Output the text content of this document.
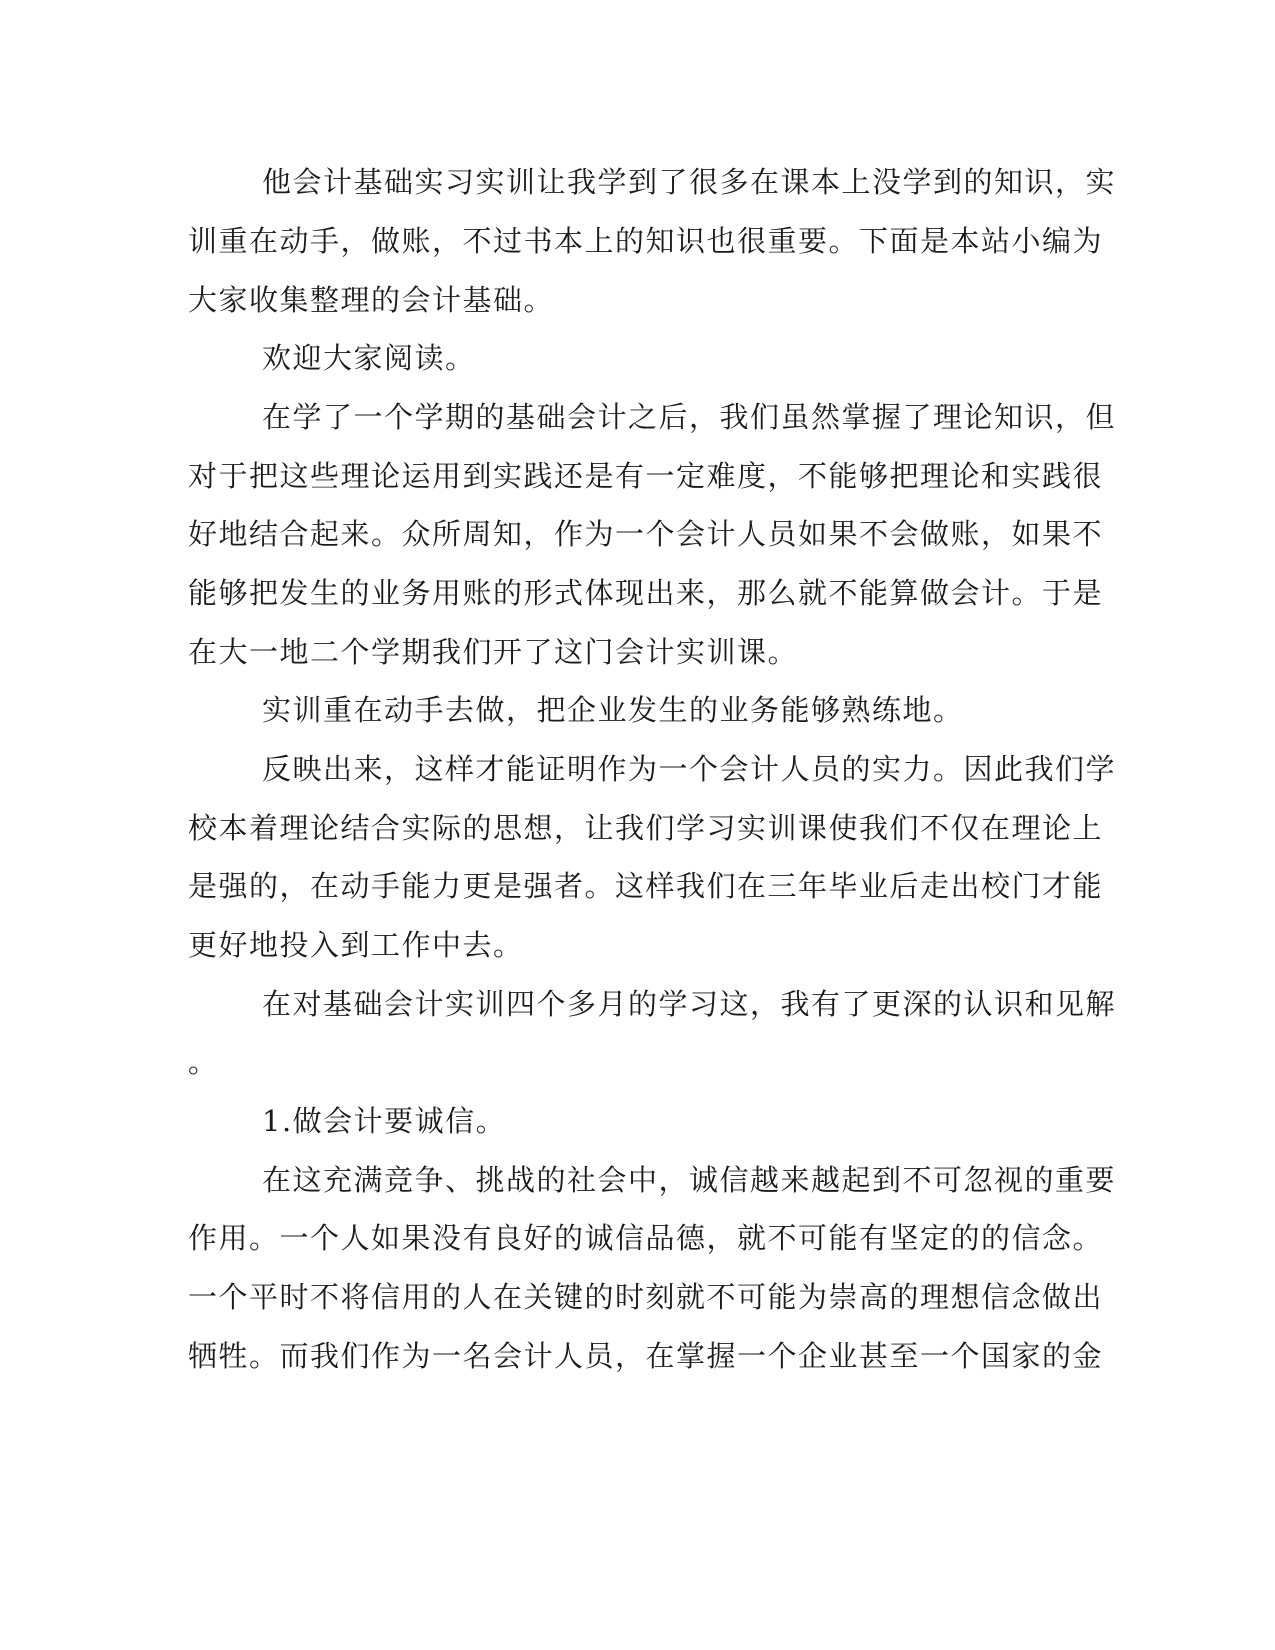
他会计基础实习实训让我学到了很多在课本上没学到的知识，实
训重在动手，做账，不过书本上的知识也很重要。下面是本站小编为
大家收集整理的会计基础。
欢迎大家阅读。
在学了一个学期的基础会计之后，我们虽然掌握了理论知识，但
对于把这些理论运用到实践还是有一定难度，不能够把理论和实践很
好地结合起来。众所周知，作为一个会计人员如果不会做账，如果不
能够把发生的业务用账的形式体现出来，那么就不能算做会计。于是
在大一地二个学期我们开了这门会计实训课。
实训重在动手去做，把企业发生的业务能够熟练地。
反映出来，这样才能证明作为一个会计人员的实力。因此我们学
校本着理论结合实际的思想，让我们学习实训课使我们不仅在理论上
是强的，在动手能力更是强者。这样我们在三年毕业后走出校门才能
更好地投入到工作中去。
在对基础会计实训四个多月的学习这，我有了更深的认识和见解
。
1.做会计要诚信。
在这充满竞争、挑战的社会中，诚信越来越起到不可忽视的重要
作用。一个人如果没有良好的诚信品德，就不可能有坚定的的信念。
一个平时不将信用的人在关键的时刻就不可能为崇高的理想信念做出
牺牲。而我们作为一名会计人员，在掌握一个企业甚至一个国家的金
